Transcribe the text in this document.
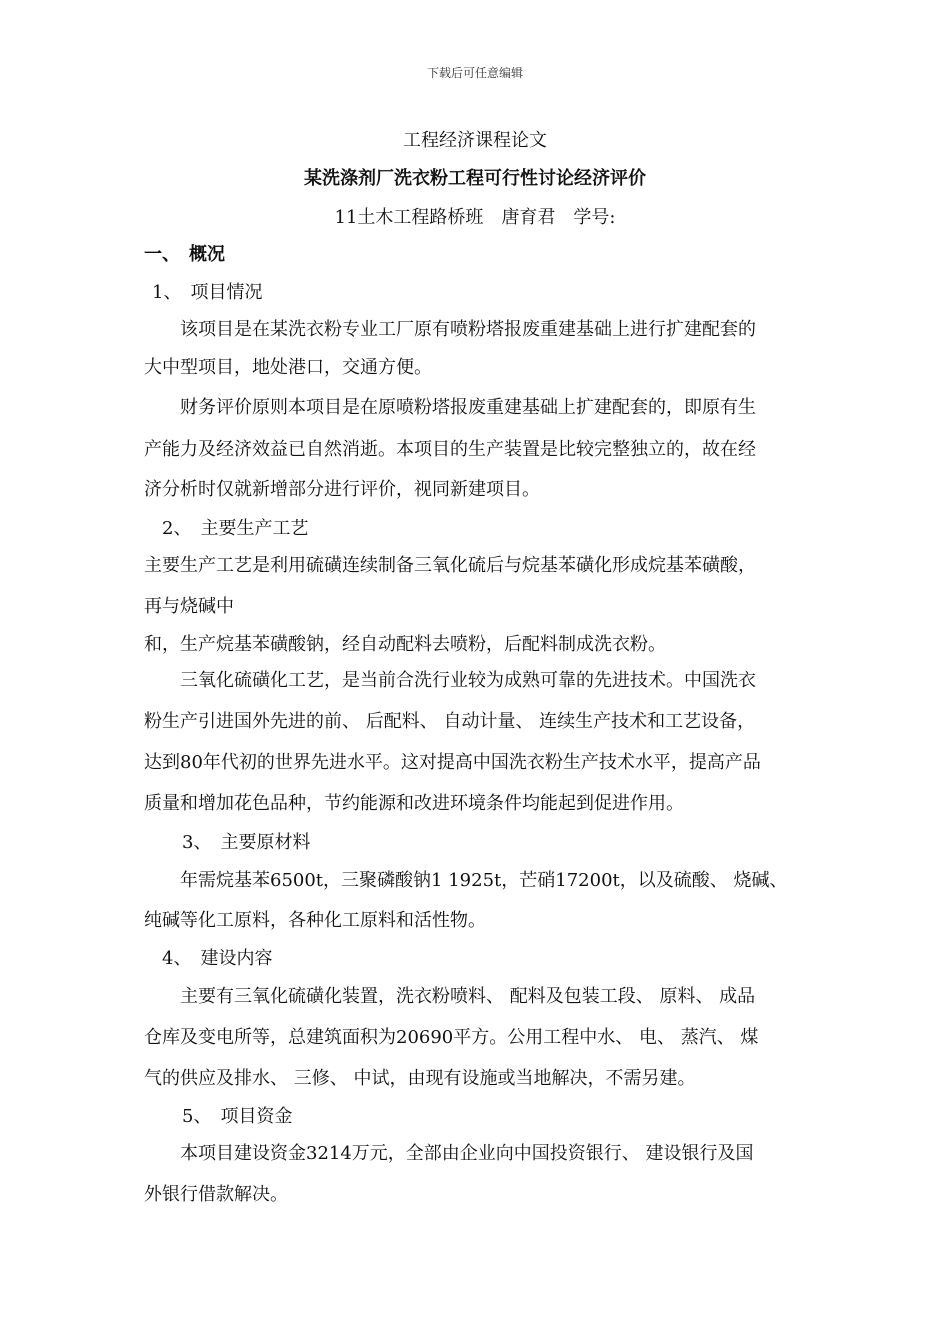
下载后可任意编辑
工程经济课程论文
某洗涤剂厂洗衣粉工程可行性讨论经济评价
11土木工程路桥班　唐育君　学号:
一、　概况
1、　项目情况
　　该项目是在某洗衣粉专业工厂原有喷粉塔报废重建基础上进行扩建配套的
大中型项目，地处港口，交通方便。
　　财务评价原则本项目是在原喷粉塔报废重建基础上扩建配套的，即原有生
产能力及经济效益已自然消逝。本项目的生产装置是比较完整独立的，故在经
济分析时仅就新增部分进行评价，视同新建项目。
2、　主要生产工艺
主要生产工艺是利用硫磺连续制备三氧化硫后与烷基苯磺化形成烷基苯磺酸，
再与烧碱中
和，生产烷基苯磺酸钠，经自动配料去喷粉，后配料制成洗衣粉。
　　三氧化硫磺化工艺，是当前合洗行业较为成熟可靠的先进技术。中国洗衣
粉生产引进国外先进的前、 后配料、 自动计量、 连续生产技术和工艺设备，
达到80年代初的世界先进水平。这对提高中国洗衣粉生产技术水平，提高产品
质量和增加花色品种，节约能源和改进环境条件均能起到促进作用。
3、　主要原材料
　　年需烷基苯6500t，三聚磷酸钠1 1925t，芒硝17200t，以及硫酸、 烧碱、
纯碱等化工原料，各种化工原料和活性物。
4、　建设内容
　　主要有三氧化硫磺化装置，洗衣粉喷料、 配料及包装工段、 原料、 成品
仓库及变电所等，总建筑面积为20690平方。公用工程中水、 电、 蒸汽、 煤
气的供应及排水、 三修、 中试，由现有设施或当地解决，不需另建。
5、　项目资金
　　本项目建设资金3214万元，全部由企业向中国投资银行、 建设银行及国
外银行借款解决。
